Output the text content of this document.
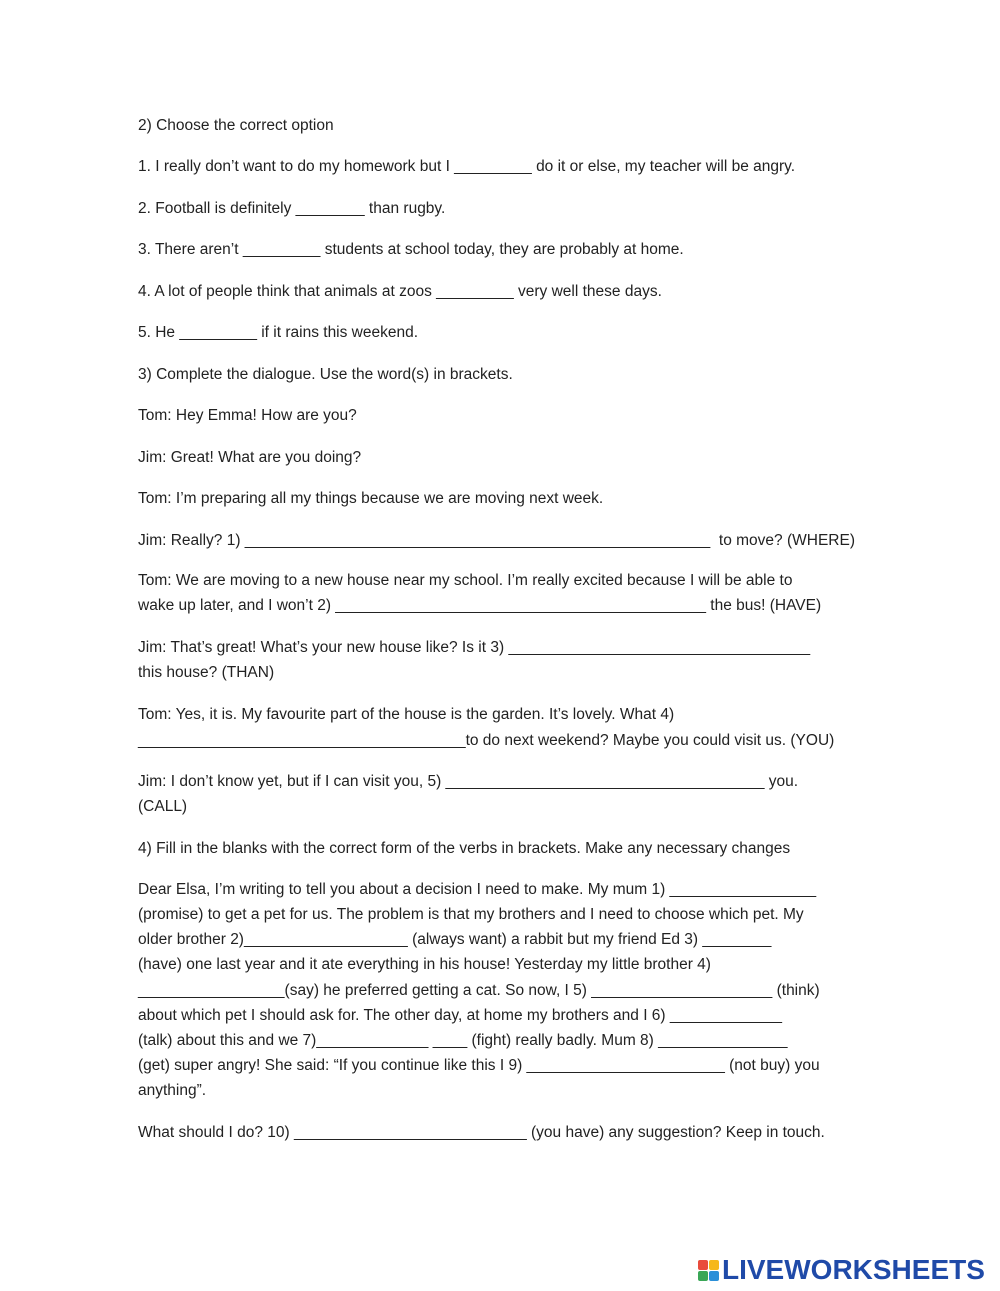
2) Choose the correct option

1. I really don’t want to do my homework but I _________ do it or else, my teacher will be angry.

2. Football is definitely ________ than rugby.

3. There aren’t _________ students at school today, they are probably at home.

4. A lot of people think that animals at zoos _________ very well these days.

5. He _________ if it rains this weekend.

3) Complete the dialogue. Use the word(s) in brackets.

Tom: Hey Emma! How are you?

Jim: Great! What are you doing?

Tom: I’m preparing all my things because we are moving next week.

Jim: Really? 1) ______________________________________________________  to move? (WHERE)

Tom: We are moving to a new house near my school. I’m really excited because I will be able to

wake up later, and I won’t 2) ___________________________________________ the bus! (HAVE)

Jim: That’s great! What’s your new house like? Is it 3) ___________________________________

this house? (THAN)

Tom: Yes, it is. My favourite part of the house is the garden. It’s lovely. What 4)

______________________________________to do next weekend? Maybe you could visit us. (YOU)

Jim: I don’t know yet, but if I can visit you, 5) _____________________________________ you.

(CALL)

4) Fill in the blanks with the correct form of the verbs in brackets. Make any necessary changes

Dear Elsa, I’m writing to tell you about a decision I need to make. My mum 1) _________________

(promise) to get a pet for us. The problem is that my brothers and I need to choose which pet. My

older brother 2)___________________ (always want) a rabbit but my friend Ed 3) ________

(have) one last year and it ate everything in his house! Yesterday my little brother 4)

_________________(say) he preferred getting a cat. So now, I 5) _____________________ (think)

about which pet I should ask for. The other day, at home my brothers and I 6) _____________

(talk) about this and we 7)_____________ ____ (fight) really badly. Mum 8) _______________

(get) super angry! She said: “If you continue like this I 9) _______________________ (not buy) you

anything”.

What should I do? 10) ___________________________ (you have) any suggestion? Keep in touch.

LIVEWORKSHEETS
